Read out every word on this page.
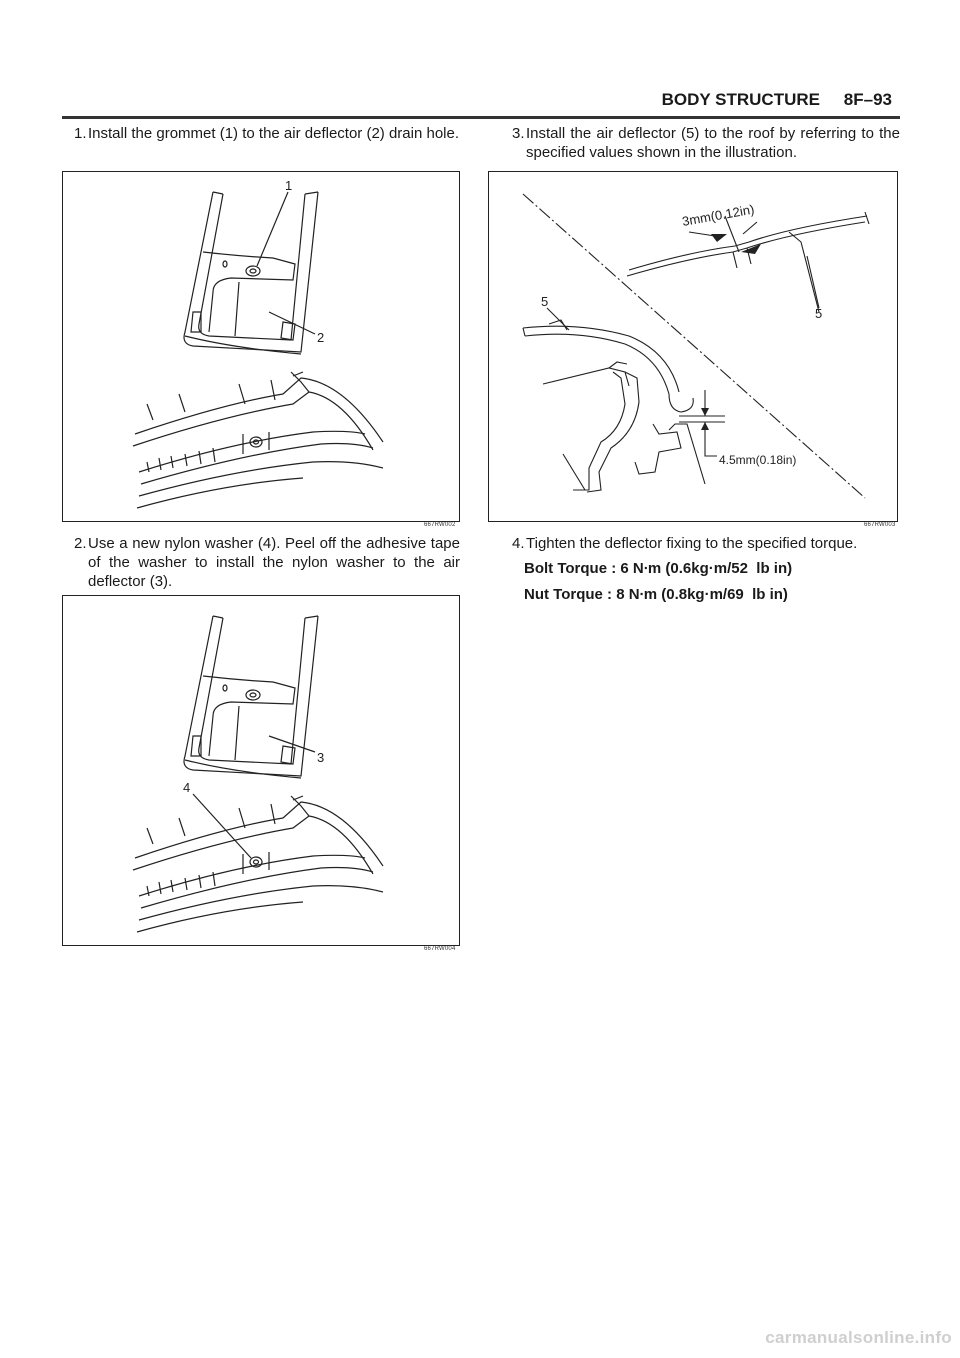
BODY STRUCTURE 8F–93
1. Install the grommet (1) to the air deflector (2) drain hole.
1
2
667RW002
2. Use a new nylon washer (4). Peel off the adhesive tape of the washer to install the nylon washer to the air deflector (3).
3
4
667RW004
3. Install the air deflector (5) to the roof by referring to the specified values shown in the illustration.
3mm(0.12in)
4.5mm(0.18in)
5
5
667RW003
4. Tighten the deflector fixing to the specified torque.
Bolt Torque : 6 N∙m (0.6kg·m/52  lb in)
Nut Torque : 8 N∙m (0.8kg·m/69  lb in)
carmanualsonline.info
